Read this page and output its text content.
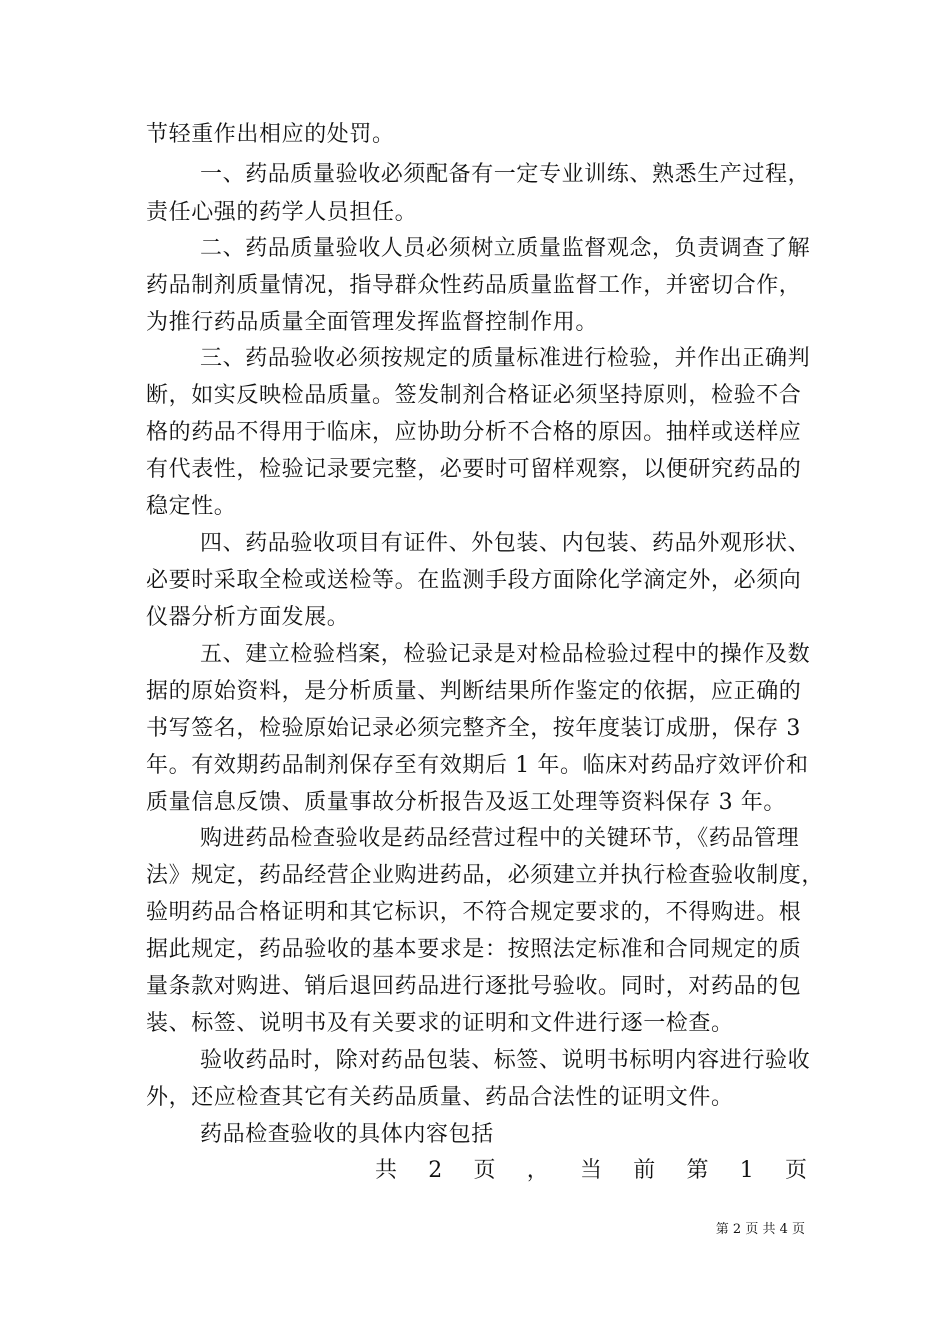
节轻重作出相应的处罚。
一、药品质量验收必须配备有一定专业训练、熟悉生产过程，
责任心强的药学人员担任。
二、药品质量验收人员必须树立质量监督观念，负责调查了解
药品制剂质量情况，指导群众性药品质量监督工作，并密切合作，
为推行药品质量全面管理发挥监督控制作用。
三、药品验收必须按规定的质量标准进行检验，并作出正确判
断，如实反映检品质量。签发制剂合格证必须坚持原则，检验不合
格的药品不得用于临床，应协助分析不合格的原因。抽样或送样应
有代表性，检验记录要完整，必要时可留样观察，以便研究药品的
稳定性。
四、药品验收项目有证件、外包装、内包装、药品外观形状、
必要时采取全检或送检等。在监测手段方面除化学滴定外，必须向
仪器分析方面发展。
五、建立检验档案，检验记录是对检品检验过程中的操作及数
据的原始资料，是分析质量、判断结果所作鉴定的依据，应正确的
书写签名，检验原始记录必须完整齐全，按年度装订成册，保存 3
年。有效期药品制剂保存至有效期后 1 年。临床对药品疗效评价和
质量信息反馈、质量事故分析报告及返工处理等资料保存 3 年。
购进药品检查验收是药品经营过程中的关键环节，《药品管理
法》规定，药品经营企业购进药品，必须建立并执行检查验收制度，
验明药品合格证明和其它标识，不符合规定要求的，不得购进。根
据此规定，药品验收的基本要求是：按照法定标准和合同规定的质
量条款对购进、销后退回药品进行逐批号验收。同时，对药品的包
装、标签、说明书及有关要求的证明和文件进行逐一检查。
验收药品时，除对药品包装、标签、说明书标明内容进行验收
外，还应检查其它有关药品质量、药品合法性的证明文件。
药品检查验收的具体内容包括
共 2 页 ， 当 前 第 1 页
第 2 页 共 4 页
